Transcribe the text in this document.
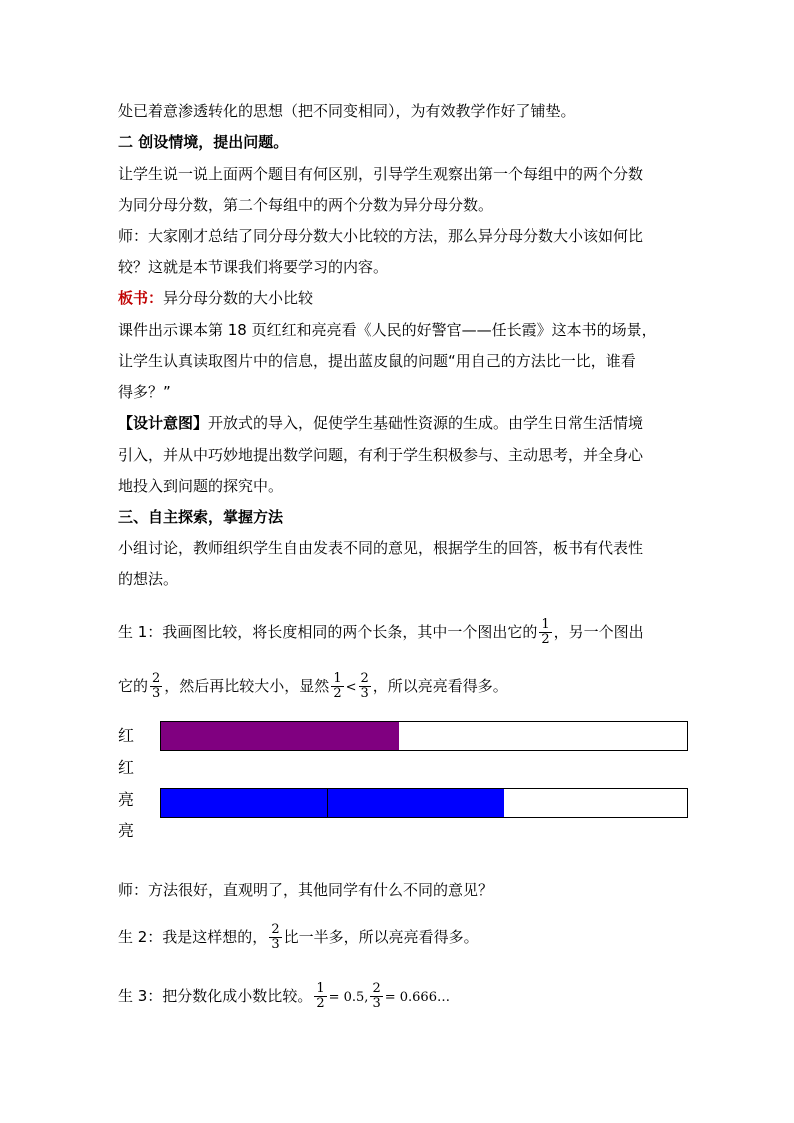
处已着意渗透转化的思想（把不同变相同），为有效教学作好了铺垫。
二 创设情境，提出问题。
让学生说一说上面两个题目有何区别，引导学生观察出第一个每组中的两个分数
为同分母分数，第二个每组中的两个分数为异分母分数。
师：大家刚才总结了同分母分数大小比较的方法，那么异分母分数大小该如何比
较？这就是本节课我们将要学习的内容。
板书：异分母分数的大小比较
课件出示课本第 18 页红红和亮亮看《人民的好警官——任长霞》这本书的场景，
让学生认真读取图片中的信息，提出蓝皮鼠的问题“用自己的方法比一比，谁看
得多？”
【设计意图】开放式的导入，促使学生基础性资源的生成。由学生日常生活情境
引入，并从中巧妙地提出数学问题，有利于学生积极参与、主动思考，并全身心
地投入到问题的探究中。
三、自主探索，掌握方法
小组讨论，教师组织学生自由发表不同的意见，根据学生的回答，板书有代表性
的想法。
生 1：我画图比较，将长度相同的两个长条，其中一个图出它的 $\frac{1}{2}$ ，另一个图出
它的 $\frac{2}{3}$ ，然后再比较大小，显然 $\frac{1}{2} < \frac{2}{3}$ ，所以亮亮看得多。
红
红
亮
亮
师：方法很好，直观明了，其他同学有什么不同的意见？
生 2：我是这样想的， $\frac{2}{3}$ 比一半多，所以亮亮看得多。
生 3：把分数化成小数比较。 $\frac{1}{2} = 0.5$, $\frac{2}{3}$ = 0.666…
